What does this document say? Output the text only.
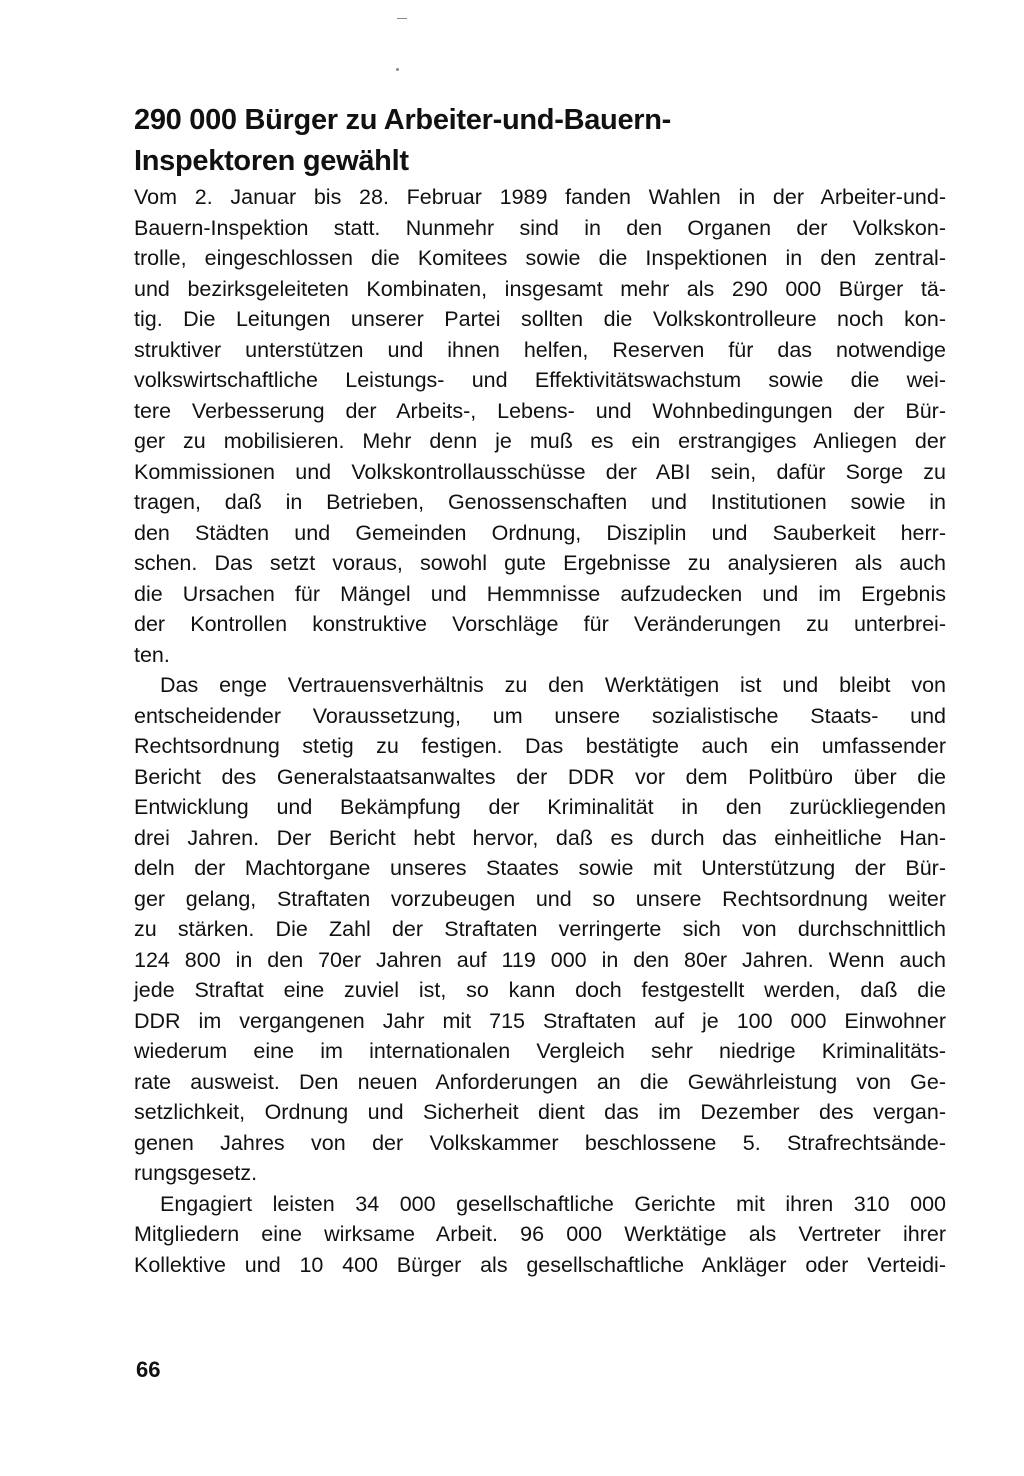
290 000 Bürger zu Arbeiter-und-Bauern-
Inspektoren gewählt
Vom 2. Januar bis 28. Februar 1989 fanden Wahlen in der Arbeiter-und-
Bauern-Inspektion statt. Nunmehr sind in den Organen der Volkskon-
trolle, eingeschlossen die Komitees sowie die Inspektionen in den zentral-
und bezirksgeleiteten Kombinaten, insgesamt mehr als 290 000 Bürger tä-
tig. Die Leitungen unserer Partei sollten die Volkskontrolleure noch kon-
struktiver unterstützen und ihnen helfen, Reserven für das notwendige
volkswirtschaftliche Leistungs- und Effektivitätswachstum sowie die wei-
tere Verbesserung der Arbeits-, Lebens- und Wohnbedingungen der Bür-
ger zu mobilisieren. Mehr denn je muß es ein erstrangiges Anliegen der
Kommissionen und Volkskontrollausschüsse der ABI sein, dafür Sorge zu
tragen, daß in Betrieben, Genossenschaften und Institutionen sowie in
den Städten und Gemeinden Ordnung, Disziplin und Sauberkeit herr-
schen. Das setzt voraus, sowohl gute Ergebnisse zu analysieren als auch
die Ursachen für Mängel und Hemmnisse aufzudecken und im Ergebnis
der Kontrollen konstruktive Vorschläge für Veränderungen zu unterbrei-
ten.
Das enge Vertrauensverhältnis zu den Werktätigen ist und bleibt von
entscheidender Voraussetzung, um unsere sozialistische Staats- und
Rechtsordnung stetig zu festigen. Das bestätigte auch ein umfassender
Bericht des Generalstaatsanwaltes der DDR vor dem Politbüro über die
Entwicklung und Bekämpfung der Kriminalität in den zurückliegenden
drei Jahren. Der Bericht hebt hervor, daß es durch das einheitliche Han-
deln der Machtorgane unseres Staates sowie mit Unterstützung der Bür-
ger gelang, Straftaten vorzubeugen und so unsere Rechtsordnung weiter
zu stärken. Die Zahl der Straftaten verringerte sich von durchschnittlich
124 800 in den 70er Jahren auf 119 000 in den 80er Jahren. Wenn auch
jede Straftat eine zuviel ist, so kann doch festgestellt werden, daß die
DDR im vergangenen Jahr mit 715 Straftaten auf je 100 000 Einwohner
wiederum eine im internationalen Vergleich sehr niedrige Kriminalitäts-
rate ausweist. Den neuen Anforderungen an die Gewährleistung von Ge-
setzlichkeit, Ordnung und Sicherheit dient das im Dezember des vergan-
genen Jahres von der Volkskammer beschlossene 5. Strafrechtsände-
rungsgesetz.
Engagiert leisten 34 000 gesellschaftliche Gerichte mit ihren 310 000
Mitgliedern eine wirksame Arbeit. 96 000 Werktätige als Vertreter ihrer
Kollektive und 10 400 Bürger als gesellschaftliche Ankläger oder Verteidi-
66
